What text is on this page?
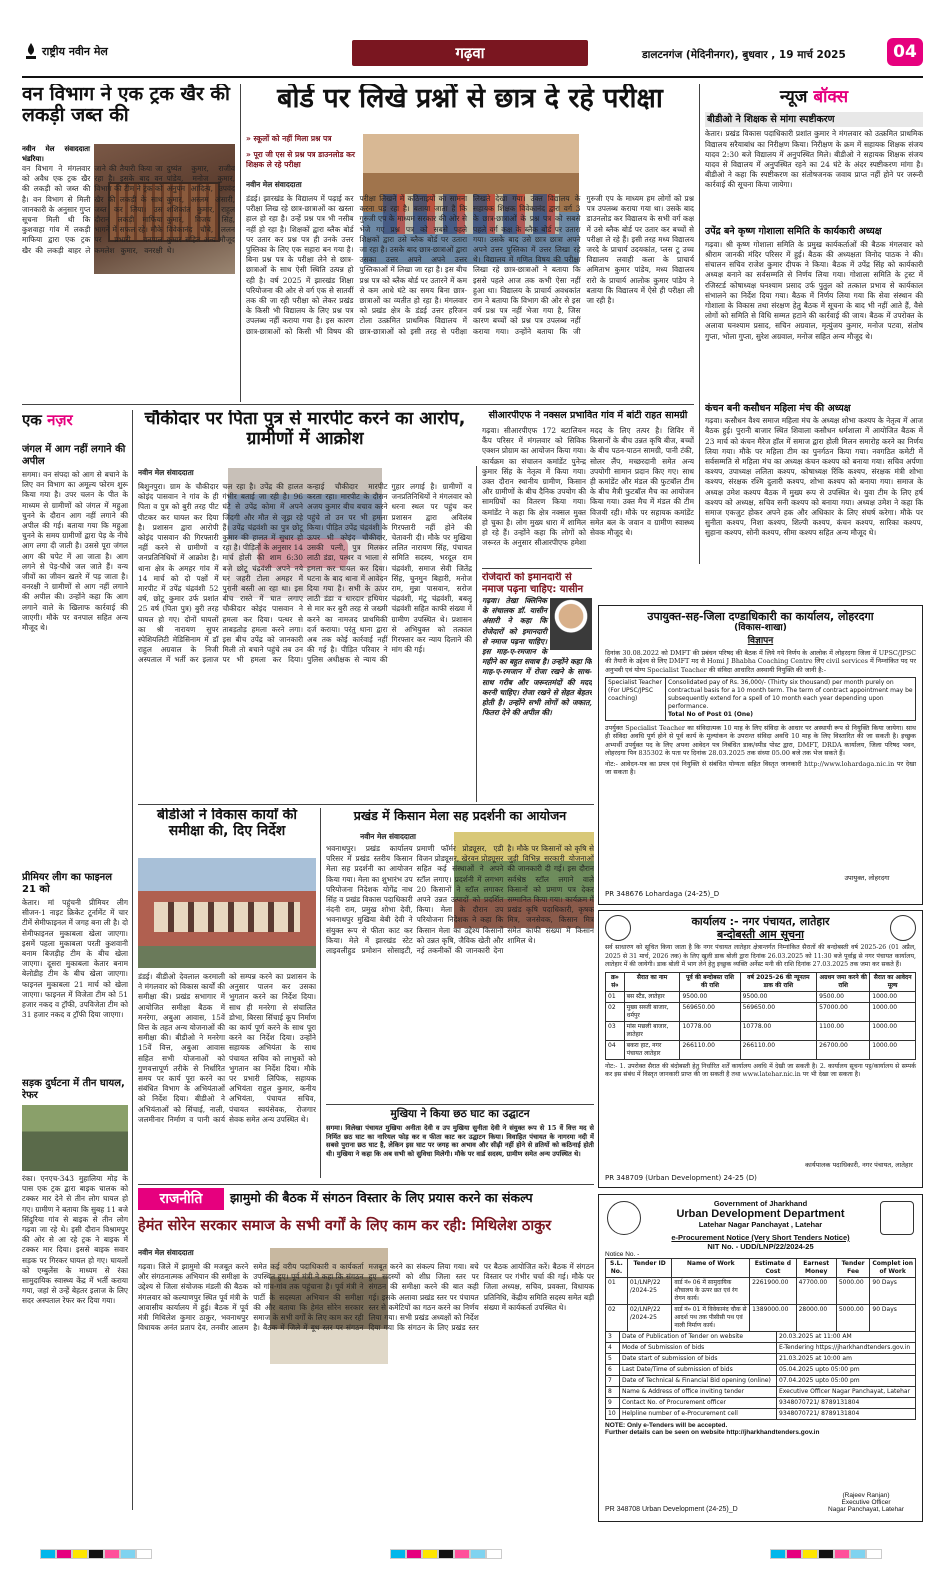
राष्ट्रीय नवीन मेल	गढ़वा	डालटनगंज (मेदिनीनगर), बुधवार , 19 मार्च 2025	04
वन विभाग ने एक ट्रक खैर की लकड़ी जब्त की
नवीन मेल संवाददाता भंडरिया।
वन विभाग ने मंगलवार को अवैध एक ट्रक खैर की लकड़ी को जब्त की है। वन विभाग से मिली जानकारी के अनुसार गुप्त सूचना मिली थी कि कुशवाहा गांव में लकड़ी माफिया द्वारा एक ट्रक खैर की लकड़ी बाहर ले जाने की तैयारी किया जा रहा है। इसके बाद वन विभाग की टीम ने ट्रक को खैर की लकड़ी के साथ जब्त कर लिया। उस दौरान लकड़ी माफिया भागने में सफल रहे। मौके पर प्रभारी वनपाल कमलेश कुमार, वनरक्षी दुष्यंत कुमार, राजीव पांडेय, मनोज कुमार, अनुपम आदित्य, उपवंद कुमार, अस्लम अंसारी, शशिकांत कुमार, राहुल कुमार, विजय सिंह, विवेकानंद चौबे, ललन कुमार सहित अन्य मौजूद थे।
बोर्ड पर लिखे प्रश्नों से छात्र दे रहे परीक्षा
» स्कूलों को नहीं मिला प्रश्न पत्र
» पूरा जी एस से प्रश्न पत्र डाउनलोड कर शिक्षक ले रहे परीक्षा
नवीन मेल संवाददाता
डंडई। झारखंड के विद्यालय में पढ़ाई कर परीक्षा लिख रहे छात्र-छात्राओं का खस्ता हाल हो रहा है। उन्हें प्रश्न पत्र भी नसीब नहीं हो रहा है। शिक्षकों द्वारा ब्लैक बोर्ड पर उतार कर प्रश्न पत्र ही उनके उत्तर पुस्तिका के लिए एक सहारा बन गया है। बिना प्रश्न पत्र के परीक्षा लेने से छात्र-छात्राओं के साथ ऐसी स्थिति उत्पन्न हो रही है। वर्ष 2025 में झारखंड शिक्षा परियोजना की ओर से वर्ग एक से सातवीं तक की जा रही परीक्षा को लेकर प्रखंड के किसी भी विद्यालय के लिए प्रश्न पत्र उपलब्ध नहीं कराया गया है। इस कारण छात्र-छात्राओं को किसी भी विषय की परीक्षा लिखने में कठिनाइयों का सामना करना पड़ रहा है। बताया जाता है कि गुरुजी एप के माध्यम सरकार की ओर से भेजे गए प्रश्न पत्र को सबसे पहले शिक्षकों द्वारा उसे ब्लैक बोर्ड पर उतारा जा रहा है। उसके बाद छात्र-छात्राओं द्वारा उसका उत्तर अपने अपने उत्तर पुस्तिकाओं में लिखा जा रहा है। इस बीच प्रश्न पत्र को ब्लैक बोर्ड पर उतारने में कम से कम आधे घंटे का समय बिना छात्र-छात्राओं का व्यतीत हो रहा है। मंगलवार को प्रखंड क्षेत्र के डंडई उत्तर हरिजन टोला उत्क्रमित प्राथमिक विद्यालय में छात्र-छात्राओं को इसी तरह से परीक्षा लिखते देखा गया। उक्त विद्यालय के सहायक शिक्षक विवेकानंद द्वारा वर्ग 3 के छात्र-छात्राओं के प्रश्न पत्र को सबसे पहले वर्ग कक्ष के ब्लैक बोर्ड पर उतारा गया। उसके बाद उसे छात्र छात्रा अपने अपने उत्तर पुस्तिका में उत्तर लिखा रहे थे। विद्यालय में गणित विषय की परीक्षा लिखा रहे छात्र-छात्राओं ने बताया कि इससे पहले आज तक कभी ऐसा नहीं हुआ था। विद्यालय के प्राचार्य अवधकांत राम ने बताया कि विभाग की ओर से इस वर्ष प्रश्न पत्र नहीं भेजा गया है, जिस कारण बच्चों को प्रश्न पत्र उपलब्ध नहीं कराया गया। उन्होंने बताया कि जी गुरुजी एप के माध्यम हम लोगों को प्रश्न पत्र उपलब्ध कराया गया था। उसके बाद डाउनलोड कर विद्यालय के सभी वर्ग कक्ष में उसे ब्लैक बोर्ड पर उतार कर बच्चों से परीक्षा ले रहे हैं। इसी तरह मध्य विद्यालय जरदे के प्राचार्य उदयकांत, प्लस टू उच्च विद्यालय लवाही कला के प्राचार्य अमिताभ कुमार पांडेय, मध्य विद्यालय रारो के प्राचार्य आलोक कुमार पांडेय ने बताया कि विद्यालय में ऐसे ही परीक्षा ली जा रही है।
न्यूज बॉक्स
बीडीओ ने शिक्षक से मांगा स्पष्टीकरण
केतार। प्रखंड विकास पदाधिकारी प्रशांत कुमार ने मंगलवार को उत्क्रमित प्राथमिक विद्यालय सरैयाबांध का निरीक्षण किया। निरीक्षण के क्रम में सहायक शिक्षक संजय यादव 2:30 बजे विद्यालय में अनुपस्थित मिले। बीडीओ ने सहायक शिक्षक संजय यादव से विद्यालय में अनुपस्थित रहने का 24 घंटे के अंदर स्पष्टीकरण मांगा है। बीडीओ ने कहा कि स्पष्टीकरण का संतोषजनक जवाब प्राप्त नहीं होने पर जरूरी कार्रवाई की सूचना किया जायेगा।
उपेंद्र बने कृष्ण गोशाला समिति के कार्यकारी अध्यक्ष
गढ़वा। श्री कृष्ण गोशाला समिति के प्रमुख कार्यकर्ताओं की बैठक मंगलवार को श्रीराम जानकी मंदिर परिसर में हुई। बैठक की अध्यक्षता विनोद पाठक ने की। संचालन सचिव राजेश कुमार दीपक ने किया। बैठक में उपेंद्र सिंह को कार्यकारी अध्यक्ष बनाने का सर्वसम्मति से निर्णय लिया गया। गोशाला समिति के ट्रस्ट में रजिस्टर्ड कोषाध्यक्ष घनश्याम प्रसाद उर्फ पुतुल को तत्काल प्रभाव से कार्यकाल संभालने का निर्देश दिया गया। बैठक में निर्णय लिया गया कि सेवा संस्थान की गोशाला के विकास तथा संरक्षण हेतु बैठक में सूचना के बाद भी नहीं आते हैं, वैसे लोगों को समिति से विधि सम्मत हटाने की कार्रवाई की जाय। बैठक में उपरोक्त के अलावा घनश्याम प्रसाद, सचिन अग्रवाल, मृत्युंजय कुमार, मनोज पटवा, संतोष गुप्ता, भोला गुप्ता, सुरेश अग्रवाल, मनोज सहित अन्य मौजूद थे।
कंचन बनी कसौधन महिला मंच की अध्यक्ष
गढ़वा। कसौधन वैश्य समाज महिला मंच के अध्यक्ष शोभा कश्यप के नेतृत्व में आज बैठक हुई। पुरानी बाजार स्थित शिवाला कसौधन धर्मशाला में आयोजित बैठक में 23 मार्च को कंचन मैरेज हॉल में समाज द्वारा होली मिलन समारोह करने का निर्णय लिया गया। मौके पर महिला टीम का पुनर्गठन किया गया। नवगठित कमेटी में सर्वसम्मति से महिला मंच का अध्यक्ष कंचन कश्यप को बनाया गया। सचिव अर्पणा कश्यप, उपाध्यक्ष ललिता कश्यप, कोषाध्यक्ष रिंकि कश्यप, संरक्षक मंत्री शोभा कश्यप, संरक्षक रश्मि दुलारी कश्यप, शोभा कश्यप को बनाया गया। समाज के अध्यक्ष उमेश कश्यप बैठक में मुख्य रूप से उपस्थित थे। युवा टीम के लिए हर्ष कश्यप को अध्यक्ष, सचिव सनी कश्यप को बनाया गया। अध्यक्ष उमेश ने कहा कि समाज एकजुट होकर अपने हक और अधिकार के लिए संघर्ष करेगा। मौके पर सुनीता कश्यप, निशा कश्यप, शिल्पी कश्यप, कंचन कश्यप, सारिका कश्यप, सुहाना कश्यप, सोनी कश्यप, सीमा कश्यप सहित अन्य मौजूद थे।
एक नज़र
जंगल में आग नहीं लगाने की अपील
सगमा। वन संपदा को आग से बचाने के लिए वन विभाग का अमूल्य फोरम शुरू किया गया है। उपर चलन के पीत के माध्यम से ग्रामीणों को जंगल में महुआ चुनने के दौरान आग नहीं लगाने की अपील की गई। बताया गया कि महुआ चुनने के समय ग्रामीणों द्वारा पेड़ के नीचे आग लगा दी जाती है। उससे पूरा जंगल आग की चपेट में आ जाता है। आग लगने से पेड़-पौधे जल जाते हैं। वन्य जीवों का जीवन खतरे में पड़ जाता है। वनरक्षी ने ग्रामीणों से आग नहीं लगाने की अपील की। उन्होंने कहा कि आग लगाने वाले के खिलाफ कार्रवाई की जाएगी। मौके पर वनपाल सहित अन्य मौजूद थे।
प्रीमियर लीग का फाइनल 21 को
केतार। मां पहुंचनी प्रीमियर लीग सीजन-1 नाइट क्रिकेट टूर्नामेंट में चार टीमें सेमीफाइनल में जगह बना ली है। दो सेमीफाइनल मुकाबला खेला जाएगा। इसमें पहला मुकाबला परती कुशवानी बनाम बिजड़ीह टीम के बीच खेला जाएगा। दूसरा मुकाबला केतार बनाम बेलोडीह टीम के बीच खेला जाएगा। फाइनल मुकाबला 21 मार्च को खेला जाएगा। फाइनल में विजेता टीम को 51 हजार नकद व ट्रॉफी, उपविजेता टीम को 31 हजार नकद व ट्रॉफी दिया जाएगा।
सड़क दुर्घटना में तीन घायल, रेफर
रंका। एनएच-343 मुहालिया मोड़ के पास एक ट्रक द्वारा बाइक चालक को टक्कर मार देने से तीन लोग घायल हो गए। ग्रामीण ने बताया कि सुबह 11 बजे सिंदुरिया गांव से बाइक से तीन लोग गढ़वा जा रहे थे। इसी दौरान विश्रामपुर की ओर से आ रहे ट्रक ने बाइक में टक्कर मार दिया। इससे बाइक सवार सड़क पर गिरकर घायल हो गए। घायलों को एम्बुलेंस के माध्यम से रंका सामुदायिक स्वास्थ्य केंद्र में भर्ती कराया गया, जहां से उन्हें बेहतर इलाज के लिए सदर अस्पताल रेफर कर दिया गया।
चौकीदार पर पिता पुत्र से मारपीट करने का आरोप, ग्रामीणों में आक्रोश
नवीन मेल संवाददाता
बिशुनपुरा। ग्राम के चौकीदार कोइंद पासवान ने गांव के ही पिता व पुत्र को बुरी तरह पीट पीटकर कर घायल कर दिया है। प्रशासन द्वारा आरोपी कोइंद पासवान की गिरफ्तारी नहीं करने से ग्रामीणों व जनप्रतिनिधियों में आक्रोश है। थाना क्षेत्र के अमहर गांव में 14 मार्च को दो पक्षों में मारपीट में उपेंद्र चंद्रवंशी 52 वर्ष, छोटू कुमार उर्फ प्रशांत 25 वर्ष (पिता पुत्र) बुरी तरह घायल हो गए। दोनों घायलों का श्री नारायण सुपर स्पेशियलिटी मेडिसिनाम में डॉ राहुल अग्रवाल के निजी अस्पताल में भर्ती कर इलाज चल रहा है। उपेंद्र की हालत गंभीर बताई जा रही है। 96 घंटे से उपेंद्र कोमा में अपने जिंदगी और मौत से जूझ रहे हैं। उपेंद्र चंद्रवंशी का पुत्र छोटू कुमार की हालत में सुधार हो रहा है। पीड़ितों के अनुसार 14 मार्च होली की शाम 6:30 बजे छोटू चंद्रवंशी अपने नये घर जहरी टोला अमहर में पुरानी बस्ती आ रहा था। इस बीच रास्ते में घात लगाए चौकीदार कोइंद पासवान ने हमला कर दिया। पत्थर से ताबड़तोड़ हमला करने लगा। इस बीच उपेंद्र को जानकारी मिली तो बचाने पहुंचे तब उन पर भी हमला कर दिया। कन्हाई चौकीदार मारपीट करता रहा। मारपीट के दौरान अजय कुमार बीच बचाव करने पहुंचे तो उन पर भी हमला किया। पीड़ित उपेंद्र चंद्रवंशी के ऊपर भी कोइंद चौकीदार, उसकी पत्नी, पुत्र मिलकर लाठी डंडा, पत्थर व भाला से हमला कर घायल कर दिया। घटना के बाद थाना में आवेदन दिया गया है। सभी के ऊपर लाठी डंडा व धारदार हथियार से मार कर बुरी तरह से जख्मी करने का नामजद प्राथमिकी दर्ज कराया। परंतु थाना द्वारा अब तक कोई कार्रवाई नहीं की गई है। पीड़ित परिवार ने पुलिस अधीक्षक से न्याय की गुहार लगाई है। ग्रामीणों व जनप्रतिनिधियों ने मंगलवार को धरना स्थल पर पहुंच कर प्रशासन द्वारा अविलंब गिरफ्तारी नहीं होने की चेतावनी दी। मौके पर मुखिया ललित नारायण सिंह, पंचायत समिति सदस्य, भरदूल राम चंद्रवंशी, समाज सेवी जितेंद्र सिंह, चुनमुन बिहारी, मनोज राम, मुन्ना पासवान, सरोज चंद्रवंशी, मंटू चंद्रवंशी, बबलू चंद्रवंशी सहित काफी संख्या में ग्रामीण उपस्थित थे। प्रशासन से अभियुक्त को तत्काल गिरफ्तार कर न्याय दिलाने की मांग की गई।
सीआरपीएफ ने नक्सल प्रभावित गांव में बांटी राहत सामग्री
गढ़वा। सीआरपीएफ 172 बटालियन कैंप परिसर में मंगलवार को सिविक एक्शन प्रोग्राम का आयोजन किया गया। कार्यक्रम का संचालन कमांडेंट पुनेन्द्र कुमार सिंह के नेतृत्व में किया गया। उक्त दौरान स्थानीय ग्रामीण, किसान और ग्रामीणों के बीच दैनिक उपयोग की सामग्रियों का वितरण किया गया। कमांडेंट ने कहा कि क्षेत्र नक्सल मुक्त हो चुका है। लोग मुख्य धारा में शामिल हो रहे हैं। उन्होंने कहा कि लोगों को जरूरत के अनुसार सीआरपीएफ हमेशा मदद के लिए तत्पर है। शिविर में किसानों के बीच उन्नत कृषि बीज, बच्चों के बीच पठन-पाठन सामग्री, पानी टंकी, सोलर लैंप, मच्छरदानी समेत अन्य उपयोगी सामान प्रदान किए गए। साथ ही कमांडेंट और मंडल की फुटबॉल टीम के बीच मैत्री फुटबॉल मैच का आयोजन किया गया। उक्त मैच में मंडल की टीम विजयी रही। मौके पर सहायक कमांडेंट समेत बल के जवान व ग्रामीण स्वास्थ्य सेवक मौजूद थे।
रोजेदारों को इमानदारी से नमाज पढ़ना चाहिए: यासीन
गढ़वा। तेखा क्लिनिक के संचालक डॉ. यासीन अंसारी ने कहा कि रोजेदारों को इमानदारी से नमाज पढ़ना चाहिए। इस माह-ए-रमजान के महीने का बहुत सवाब है। उन्होंने कहा कि माह-ए-रमजान में रोजा रखने के साथ-साथ गरीब और जरूरतमंदों की मदद करनी चाहिए। रोजा रखने से सेहत बेहतर होती है। उन्होंने सभी लोगों को जकात, फितरा देने की अपील की।
उपायुक्त-सह-जिला दण्डाधिकारी का कार्यालय, लोहरदगा
(विकास-शाखा)
विज्ञापन
दिनांक 30.08.2022 को DMFT की प्रबंधन परिषद की बैठक में लिये गये निर्णय के आलोक में लोहरदगा जिला में UPSC/JPSC की तैयारी के उद्देश्य से लिए DMFT मद से Homi J Bhabha Coaching Centre लिए civil services में निम्नांकित पद पर अनुभवी एवं योग्य Specialist Teacher की संविदा आधारित अस्थायी नियुक्ति की जानी है:-
Specialist Teacher (For UPSC/JPSC coaching)	Consolidated pay of Rs. 36,000/- (Thirty six thousand) per month purely on contractual basis for a 10 month term. The term of contract appointment may be subsequently extend for a spell of 10 month each year depending upon performance.
Total No of Post 01 (One)
उपर्युक्त Specialist Teacher का संविदात्मक 10 माह के लिए संविदा के आधार पर अस्थायी रूप से नियुक्ति किया जायेगा। साथ ही संविदा अवधि पूर्ण होने से पूर्व कार्य के मूल्यांकन के उपरान्त संविदा अवधि 10 माह के लिए विस्तारित की जा सकती है। इच्छुक अभ्यर्थी उपर्युक्त पद के लिए अपना आवेदन पत्र निबंधित डाक/स्पीड पोस्ट द्वारा, DMFT, DRDA कार्यालय, जिला परिषद भवन, लोहरदगा पिन 835302 के पता पर दिनांक 28.03.2025 तक संध्या 05.00 बजे तक भेज सकते हैं।
नोट:- आवेदन-पत्र का प्रपत्र एवं नियुक्ति से संबंधित योग्यता सहित विस्तृत जानकारी http://www.lohardaga.nic.in पर देखा जा सकता है।
उपायुक्त, लोहरदगा
PR 348676 Lohardaga (24-25)_D
बीडीओ ने विकास कार्यों की समीक्षा की, दिए निर्देश
डंडई। बीडीओ देवलाल करमाली ने मंगलवार को विकास कार्यों की समीक्षा की। प्रखंड सभागार में आयोजित समीक्षा बैठक में मनरेगा, अबुआ आवास, 15वें वित्त के तहत अन्य योजनाओं की समीक्षा की। बीडीओ ने मनरेगा 15वें वित्त, अबुआ आवास सहित सभी योजनाओं को गुणवत्तापूर्ण तरीके से निर्धारित समय पर कार्य पूरा करने का संबंधित विभाग के अभियंताओं को निर्देश दिया। बीडीओ ने अभियंताओं को सिंचाई, नाली, जलमीनार निर्माण व पानी कार्य को सम्पन्न करने का प्रशासन के अनुसार पालन कर उसका भुगतान करने का निर्देश दिया। साथ ही मनरेगा से संचालित डोभा, बिरसा सिंचाई कूप निर्माण का कार्य पूर्ण करने के साथ पूरा करने का निर्देश दिया। उन्होंने सहायक अभियंता के साथ पंचायत सचिव को लाभुकों को भुगतान का निर्देश दिया। मौके पर प्रभारी लिपिक, सहायक अभियंता राहुल कुमार, कनीय अभियंता, पंचायत सचिव, पंचायत स्वयंसेवक, रोजगार सेवक समेत अन्य उपस्थित थे।
प्रखंड में किसान मेला सह प्रदर्शनी का आयोजन
नवीन मेल संवाददाता
भवनाथपुर। प्रखंड कार्यालय परिसर में प्रखंड स्तरीय किसान मेला सह प्रदर्शनी का आयोजन किया गया। मेला का शुभारंभ उप परियोजना निदेशक योगेंद्र नाथ सिंह व प्रखंड विकास पदाधिकारी नंदनी राम, प्रमुख शोभा देवी, भवनाथपुर मुखिया बेबी देवी ने संयुक्त रूप से फीता काट कर किया। मेले में झारखंड स्टेट लाइवलीहुड प्रमोशन सोसाइटी, प्रमाणी फॉर्मर प्रोड्यूसर, एडी विजन प्रोड्यूसर, खेरवन प्रोड्यूसर सहित कई संस्थाओं ने अपने स्टॉल लगाए। प्रदर्शनी में लगभग 20 किसानों ने स्टॉल लगाकर अपने उन्नत उत्पादों को प्रदर्शित किया। मेला के दौरान उप परियोजना निदेशक ने कहा कि किसान मेला का उद्देश्य किसानों को उन्नत कृषि, जैविक खेती और नई तकनीकों की जानकारी देना है। मौके पर किसानों को कृषि से जुड़ी विभिन्न सरकारी योजनाओं की जानकारी दी गई। इस दौरान सर्वश्रेष्ठ स्टॉल लगाने वाले किसानों को प्रमाण पत्र देकर सम्मानित किया गया। कार्यक्रम में प्रखंड कृषि पदाधिकारी, कृषक मित्र, जनसेवक, किसान मित्र समेत काफी संख्या में किसान शामिल थे।
मुखिया ने किया छठ घाट का उद्घाटन
सगमा। विलेखा पंचायत मुखिया अनीता देवी व उप मुखिया सुनीता देवी ने संयुक्त रूप से 15 वें वित्त मद से निर्मित छठ घाट का नारियल फोड़ कर व फीता काट कर उद्घाटन किया। विवाहित पंचायत के नागरमा नदी में सबसे पुराना छठ घाट है, लेकिन इस घाट पर जगह का अभाव और सीढ़ी नहीं होने से व्रतियों को कठिनाई होती थी। मुखिया ने कहा कि अब सभी को सुविधा मिलेगी। मौके पर वार्ड सदस्य, ग्रामीण समेत अन्य उपस्थित थे।
कार्यालय :- नगर पंचायत, लातेहार
बन्दोबस्ती आम सूचना
सर्व साधारण को सूचित किया जाता है कि नगर पंचायत लातेहार क्षेत्रान्तर्गत निम्नांकित सैरातों की बन्दोबस्ती वर्ष 2025-26 (01 अप्रैल, 2025 से 31 मार्च, 2026 तक) के लिए खुली डाक बोली द्वारा दिनांक 26.03.2025 को 11:30 बजे पूर्वाह्न से नगर पंचायत कार्यालय, लातेहार में की जायेगी। डाक बोली में भाग लेने हेतु इच्छुक व्यक्ति अर्नेस्ट मनी की राशि दिनांक 27.03.2025 तक जमा कर सकते हैं।
क्र० सं०	सैरात का नाम	पूर्व की बन्दोबस्त राशि की राशि	वर्ष 2025-26 की न्यूनतम डाक की राशि	अग्रधन जमा करने की राशि	सैरात का आवेदन मूल्य
01	बस स्टैंड, लातेहार	9500.00	9500.00	9500.00	1000.00
02	मुख्य सब्जी बाजार, धर्मपुर	569650.00	569650.00	57000.00	1000.00
03	मांस मछली बाजार, लातेहार	10778.00	10778.00	1100.00	1000.00
04	बकरा हाट, नगर पंचायत लातेहार	266110.00	266110.00	26700.00	1000.00
नोट:- 1. उपरोक्त सैरात की बंदोबस्ती हेतु निर्धारित शर्तें कार्यालय अवधि में देखी जा सकती है। 2. कार्यालय सूचना पट्ट/कार्यालय से सम्पर्क कर इस संबंध में विस्तृत जानकारी प्राप्त की जा सकती है तथा www.latehar.nic.in पर भी देखा जा सकता है।
कार्यपालक पदाधिकारी, नगर पंचायत, लातेहार
PR 348709 (Urban Development) 24-25 (D)
राजनीति	झामुमो की बैठक में संगठन विस्तार के लिए प्रयास करने का संकल्प
हेमंत सोरेन सरकार समाज के सभी वर्गों के लिए काम कर रही: मिथिलेश ठाकुर
नवीन मेल संवाददाता
गढ़वा। जिले में झामुमो की मजबूत करने और संगठनात्मक अभियान की समीक्षा के उद्देश्य से जिला संयोजक मंडली की बैठक मंगलवार को कल्याणपुर स्थित पूर्व मंत्री के आवासीय कार्यालय में हुई। बैठक में पूर्व मंत्री मिथिलेश कुमार ठाकुर, भवनाथपुर विधायक अनंत प्रताप देव, तनवीर आलम समेत कई वरीय पदाधिकारी व कार्यकर्ता उपस्थित हुए। पूर्व मंत्री ने कहा कि संगठन को गांव-गांव तक पहुंचाना है। पूर्व मंत्री ने पार्टी के सदस्यता अभियान की समीक्षा की और बताया कि हेमंत सोरेन सरकार समाज के सभी वर्गों के लिए काम कर रही है। बैठक में जिले में बूथ स्तर पर संगठन मजबूत करने का संकल्प लिया गया। बचे हुए सदस्यों को शीघ्र जिला स्तर पर संगठन की समीक्षा करने की बात कही गई। इसके अलावा प्रखंड स्तर पर पंचायत स्तर से कमेटियों का गठन करने का निर्णय लिया गया। सभी प्रखंड अध्यक्षों को निर्देश दिया गया कि संगठन के लिए प्रखंड स्तर पर बैठक आयोजित करें। बैठक में संगठन विस्तार पर गंभीर चर्चा की गई। मौके पर जिला अध्यक्ष, सचिव, प्रवक्ता, विधायक प्रतिनिधि, केंद्रीय समिति सदस्य समेत बड़ी संख्या में कार्यकर्ता उपस्थित थे।
Government of Jharkhand
Urban Development Department
Latehar Nagar Panchayat , Latehar
e-Procurement Notice (Very Short Tenders Notice)
NIT No. - UDD/LNP/22/2024-25
Notice No. -
S.L. No.	Tender ID	Name of Work	Estimate d Cost	Earnest Money	Tender Fee	Complet ion of Work
01	01/LNP/22 /2024-25	वार्ड नं० 06 में सामुदायिक शौचालय के ऊपर छत एवं रंग रोगन कार्य।	2261900.00	47700.00	5000.00	90 Days
02	02/LNP/22 /2024-25	वार्ड नं० 01 में विवेकानंद चौक से आदर्श पथ तक पीसीसी पथ एवं नाली निर्माण कार्य।	1389000.00	28000.00	5000.00	90 Days
3	Date of Publication of Tender on website	20.03.2025 at 11:00 AM
4	Mode of Submission of bids	E-Tendering https://jharkhandtenders.gov.in
5	Date start of submission of bids	21.03.2025 at 10:00 am
6	Last Date/Time of submission of bids	05.04.2025 upto 05:00 pm
7	Date of Technical & Financial Bid opening (online)	07.04.2025 upto 05:00 pm
8	Name & Address of office inviting tender	Executive Officer Nagar Panchayat, Latehar
9	Contact No. of Procurement officer	9348070721/ 8789131804
10	Helpline number of e-Procurement cell	9348070721/ 8789131804
NOTE: Only e-Tenders will be accepted.
Further details can be seen on website http://jharkhandtenders.gov.in
(Rajeev Ranjan)
Executive Officer
Nagar Panchayat, Latehar
PR 348708 Urban Development (24-25)_D
